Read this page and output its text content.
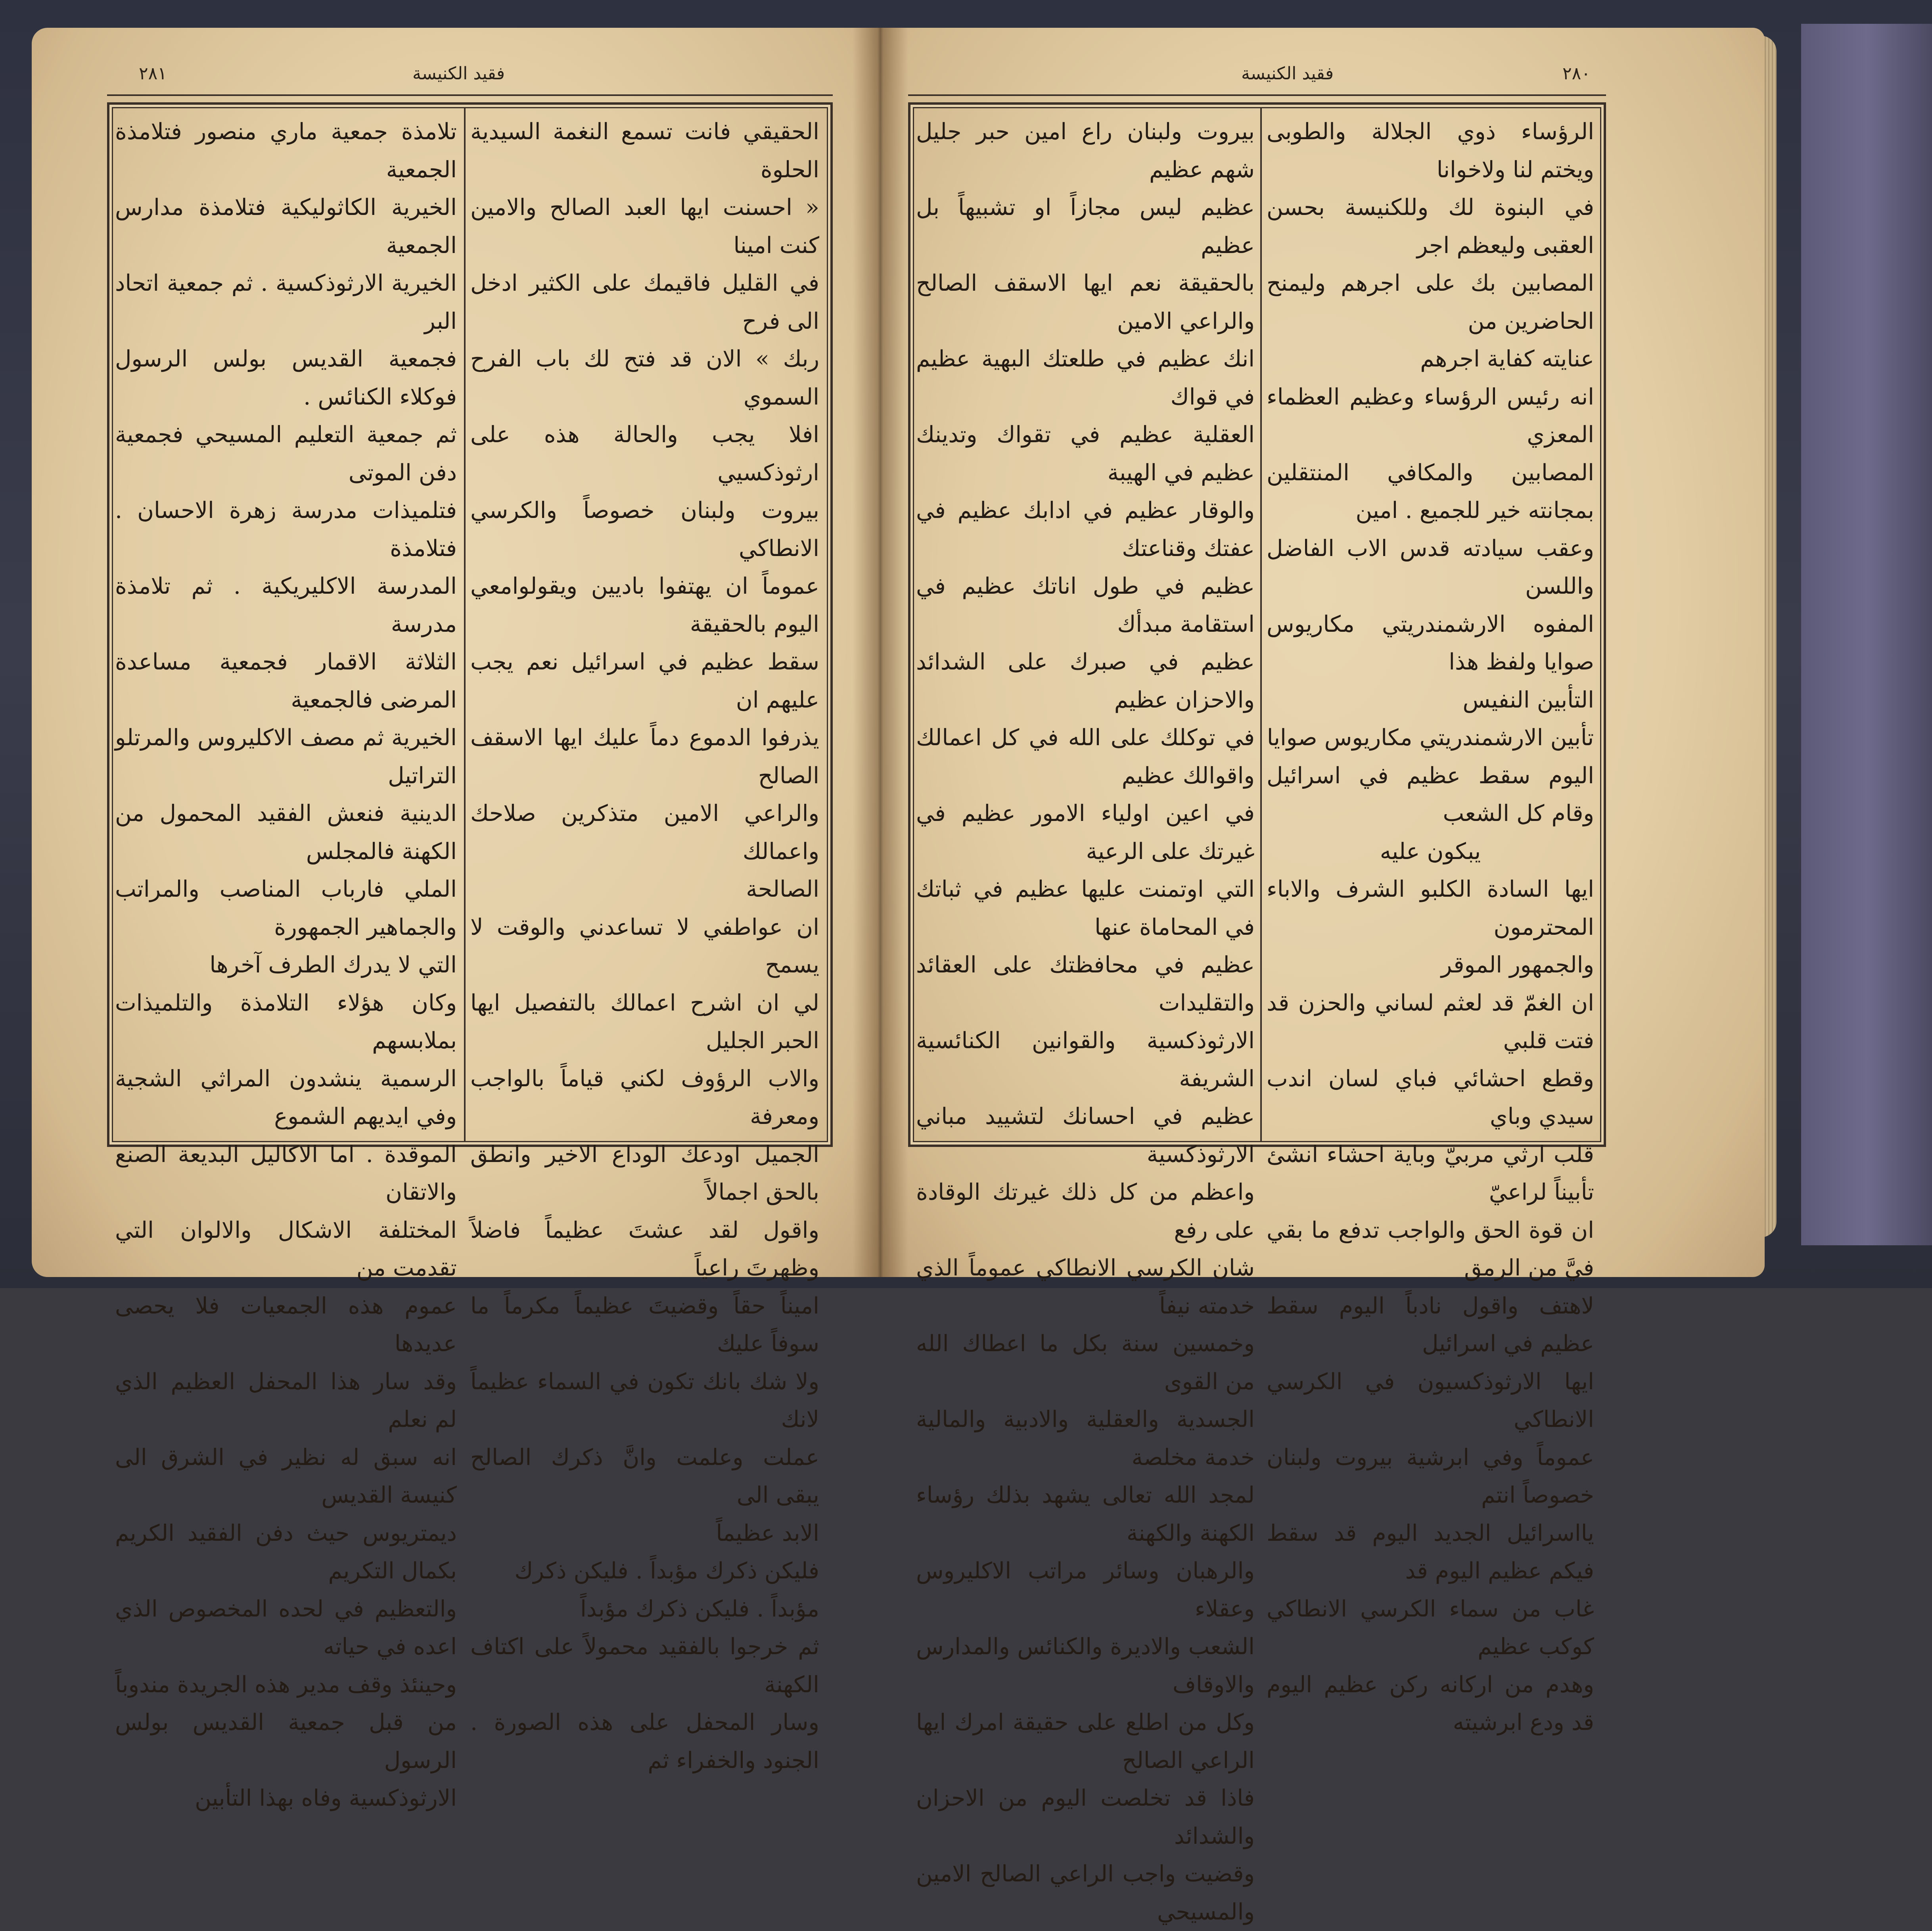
٢٨١	فقيد الكنيسة

الحقيقي فانت تسمع النغمة السيدية الحلوة

« احسنت ايها العبد الصالح والامين كنت امينا

في القليل فاقيمك على الكثير ادخل الى فرح

ربك » الان قد فتح لك باب الفرح السموي

افلا يجب والحالة هذه على ارثوذكسيي

بيروت ولبنان خصوصاً والكرسي الانطاكي

عموماً ان يهتفوا باديين ويقولوامعي اليوم بالحقيقة

سقط عظيم في اسرائيل نعم يجب عليهم ان

يذرفوا الدموع دماً عليك ايها الاسقف الصالح

والراعي الامين متذكرين صلاحك واعمالك

الصالحة

ان عواطفي لا تساعدني والوقت لا يسمح

لي ان اشرح اعمالك بالتفصيل ايها الحبر الجليل

والاب الرؤوف لكني قياماً بالواجب ومعرفة

الجميل اودعك الوداع الاخير وانطق بالحق اجمالاً

واقول لقد عشتَ عظيماً فاضلاً وظهرتَ راعياً

اميناً حقاً وقضيتَ عظيماً مكرماً ما سوفاً عليك

ولا شك بانك تكون في السماء عظيماً لانك

عملت وعلمت وانَّ ذكرك الصالح يبقى الى

الابد عظيماً

فليكن ذكرك مؤبداً . فليكن ذكرك

مؤبداً . فليكن ذكرك مؤبداً

ثم خرجوا بالفقيد محمولاً على اكتاف الكهنة

وسار المحفل على هذه الصورة . الجنود والخفراء ثم

تلامذة جمعية ماري منصور فتلامذة الجمعية

الخيرية الكاثوليكية فتلامذة مدارس الجمعية

الخيرية الارثوذكسية . ثم جمعية اتحاد البر

فجمعية القديس بولس الرسول فوكلاء الكنائس .

ثم جمعية التعليم المسيحي فجمعية دفن الموتى

فتلميذات مدرسة زهرة الاحسان . فتلامذة

المدرسة الاكليريكية . ثم تلامذة مدرسة

الثلاثة الاقمار فجمعية مساعدة المرضى فالجمعية

الخيرية ثم مصف الاكليروس والمرتلو التراتيل

الدينية فنعش الفقيد المحمول من الكهنة فالمجلس

الملي فارباب المناصب والمراتب والجماهير الجمهورة

التي لا يدرك الطرف آخرها

وكان هؤلاء التلامذة والتلميذات بملابسهم

الرسمية ينشدون المراثي الشجية وفي ايديهم الشموع

الموقدة . اما الاكاليل البديعة الصنع والاتقان

المختلفة الاشكال والالوان التي تقدمت من

عموم هذه الجمعيات فلا يحصى عديدها

وقد سار هذا المحفل العظيم الذي لم نعلم

انه سبق له نظير في الشرق الى كنيسة القديس

ديمتريوس حيث دفن الفقيد الكريم بكمال التكريم

والتعظيم في لحده المخصوص الذي اعده في حياته

وحينئذ وقف مدير هذه الجريدة مندوباً

من قبل جمعية القديس بولس الرسول

الارثوذكسية وفاه بهذا التأبين

٢٨٠
فقيد الكنيسة

الرؤساء ذوي الجلالة والطوبى ويختم لنا ولاخوانا

في البنوة لك وللكنيسة بحسن العقبى وليعظم اجر

المصابين بك على اجرهم وليمنح الحاضرين من

عنايته كفاية اجرهم

انه رئيس الرؤساء وعظيم العظماء المعزي

المصابين والمكافي المنتقلين بمجانته خير للجميع . امين

وعقب سيادته قدس الاب الفاضل واللسن

المفوه الارشمندريتي مكاريوس صوايا ولفظ هذا

التأبين النفيس

تأبين الارشمندريتي مكاريوس صوايا

اليوم سقط عظيم في اسرائيل وقام كل الشعب

يبكون عليه

ايها السادة الكلبو الشرف والاباء المحترمون

والجمهور الموقر

ان الغمّ قد لعثم لساني والحزن قد فتت قلبي

وقطع احشائي فباي لسان اندب سيدي وباي

قلب ارثي مربيّ وباية احشاء انشئ تأبيناً لراعيّ

ان قوة الحق والواجب تدفع ما بقي فيَّ من الرمق

لاهتف واقول نادباً اليوم سقط عظيم في اسرائيل

ايها الارثوذكسيون في الكرسي الانطاكي

عموماً وفي ابرشية بيروت ولبنان خصوصاً انتم

يااسرائيل الجديد اليوم قد سقط فيكم عظيم اليوم قد

غاب من سماء الكرسي الانطاكي كوكب عظيم

وهدم من اركانه ركن عظيم اليوم قد ودع ابرشيته

بيروت ولبنان راع امين حبر جليل شهم عظيم

عظيم ليس مجازاً او تشبيهاً بل عظيم

بالحقيقة نعم ايها الاسقف الصالح والراعي الامين

انك عظيم في طلعتك البهية عظيم في قواك

العقلية عظيم في تقواك وتدينك عظيم في الهيبة

والوقار عظيم في ادابك عظيم في عفتك وقناعتك

عظيم في طول اناتك عظيم في استقامة مبدأك

عظيم في صبرك على الشدائد والاحزان عظيم

في توكلك على الله في كل اعمالك واقوالك عظيم

في اعين اولياء الامور عظيم في غيرتك على الرعية

التي اوتمنت عليها عظيم في ثباتك في المحاماة عنها

عظيم في محافظتك على العقائد والتقليدات

الارثوذكسية والقوانين الكنائسية الشريفة

عظيم في احسانك لتشييد مباني الارثوذكسية

واعظم من كل ذلك غيرتك الوقادة على رفع

شان الكرسي الانطاكي عموماً الذي خدمته نيفاً

وخمسين سنة بكل ما اعطاك الله من القوى

الجسدية والعقلية والادبية والمالية خدمة مخلصة

لمجد الله تعالى يشهد بذلك رؤساء الكهنة والكهنة

والرهبان وسائر مراتب الاكليروس وعقلاء

الشعب والاديرة والكنائس والمدارس والاوقاف

وكل من اطلع على حقيقة امرك ايها الراعي الصالح

فاذا قد تخلصت اليوم من الاحزان والشدائد

وقضيت واجب الراعي الصالح الامين والمسيحي
